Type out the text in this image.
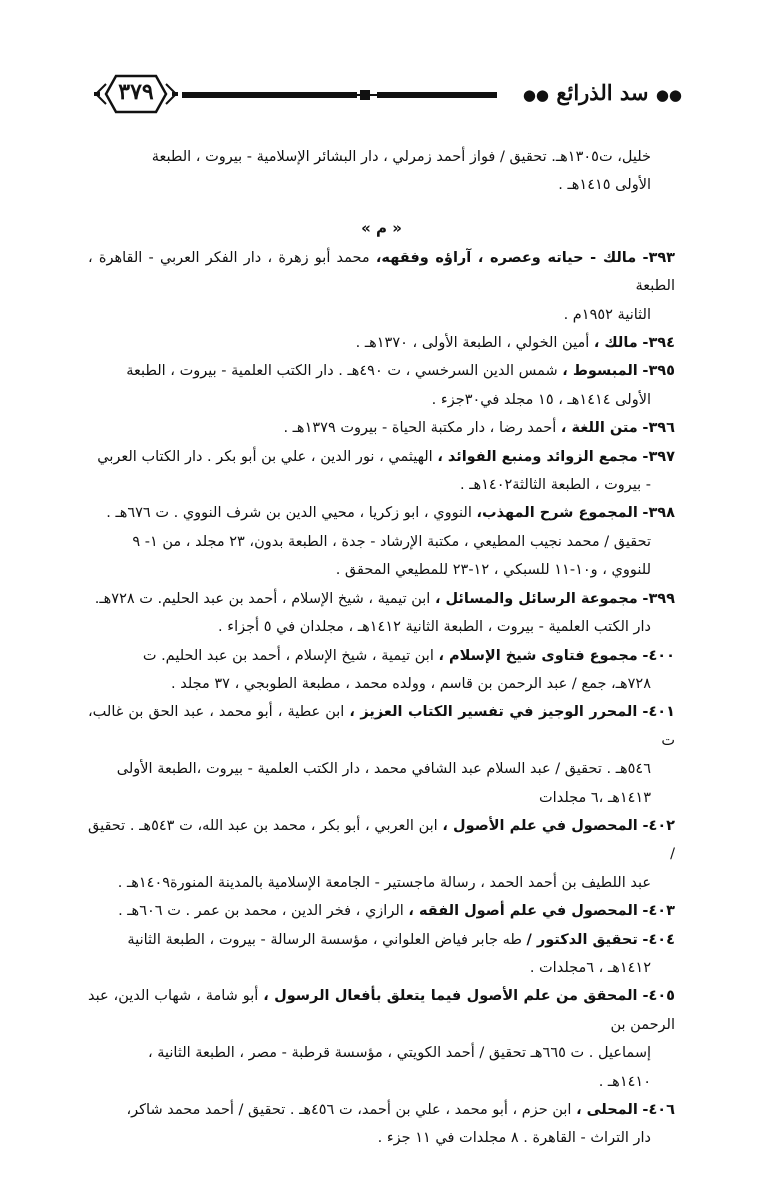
٣٧٩	●● سد الذرائع ●●
خليل، ت١٣٠٥هـ. تحقيق / فواز أحمد زمرلي ، دار البشائر الإسلامية - بيروت ، الطبعة
الأولى ١٤١٥هـ .
« م »
٣٩٣- مالك - حياته وعصره ، آراؤه وفقهه، محمد أبو زهرة ، دار الفكر العربي - القاهرة ، الطبعة
الثانية ١٩٥٢م .
٣٩٤- مالك ، أمين الخولي ، الطبعة الأولى ، ١٣٧٠هـ .
٣٩٥- المبسوط ، شمس الدين السرخسي ، ت ٤٩٠هـ . دار الكتب العلمية - بيروت ، الطبعة
الأولى ١٤١٤هـ ، ١٥ مجلد في٣٠جزء .
٣٩٦- متن اللغة ، أحمد رضا ، دار مكتبة الحياة - بيروت ١٣٧٩هـ .
٣٩٧- مجمع الزوائد ومنبع الفوائد ، الهيثمي ، نور الدين ، علي بن أبو بكر . دار الكتاب العربي
- بيروت ، الطبعة الثالثة١٤٠٢هـ .
٣٩٨- المجموع شرح المهذب، النووي ، ابو زكريا ، محيي الدين بن شرف النووي . ت ٦٧٦هـ .
تحقيق / محمد نجيب المطيعي ، مكتبة الإرشاد - جدة ، الطبعة بدون، ٢٣ مجلد ، من ١- ٩
للنووي ، و١٠-١١ للسبكي ، ١٢-٢٣ للمطيعي المحقق .
٣٩٩- مجموعة الرسائل والمسائل ، ابن تيمية ، شيخ الإسلام ، أحمد بن عبد الحليم. ت ٧٢٨هـ.
دار الكتب العلمية - بيروت ، الطبعة الثانية ١٤١٢هـ ، مجلدان في ٥ أجزاء .
٤٠٠- مجموع فتاوى شيخ الإسلام ، ابن تيمية ، شيخ الإسلام ، أحمد بن عبد الحليم. ت
٧٢٨هـ، جمع / عبد الرحمن بن قاسم ، وولده محمد ، مطبعة الطوبجي ، ٣٧ مجلد .
٤٠١- المحرر الوجيز في تفسير الكتاب العزيز ، ابن عطية ، أبو محمد ، عبد الحق بن غالب، ت
٥٤٦هـ . تحقيق / عبد السلام عبد الشافي محمد ، دار الكتب العلمية - بيروت ،الطبعة الأولى
١٤١٣هـ ،٦ مجلدات
٤٠٢- المحصول في علم الأصول ، ابن العربي ، أبو بكر ، محمد بن عبد الله، ت ٥٤٣هـ . تحقيق /
عبد اللطيف بن أحمد الحمد ، رسالة ماجستير - الجامعة الإسلامية بالمدينة المنورة١٤٠٩هـ .
٤٠٣- المحصول في علم أصول الفقه ، الرازي ، فخر الدين ، محمد بن عمر . ت ٦٠٦هـ .
٤٠٤- تحقيق الدكتور / طه جابر فياض العلواني ، مؤسسة الرسالة - بيروت ، الطبعة الثانية
١٤١٢هـ ، ٦مجلدات .
٤٠٥- المحقق من علم الأصول فيما يتعلق بأفعال الرسول ، أبو شامة ، شهاب الدين، عبد الرحمن بن
إسماعيل . ت ٦٦٥هـ تحقيق / أحمد الكويتي ، مؤسسة قرطبة - مصر ، الطبعة الثانية ،
١٤١٠هـ .
٤٠٦- المحلى ، ابن حزم ، أبو محمد ، علي بن أحمد، ت ٤٥٦هـ . تحقيق / أحمد محمد شاكر،
دار التراث - القاهرة . ٨ مجلدات في ١١ جزء .
